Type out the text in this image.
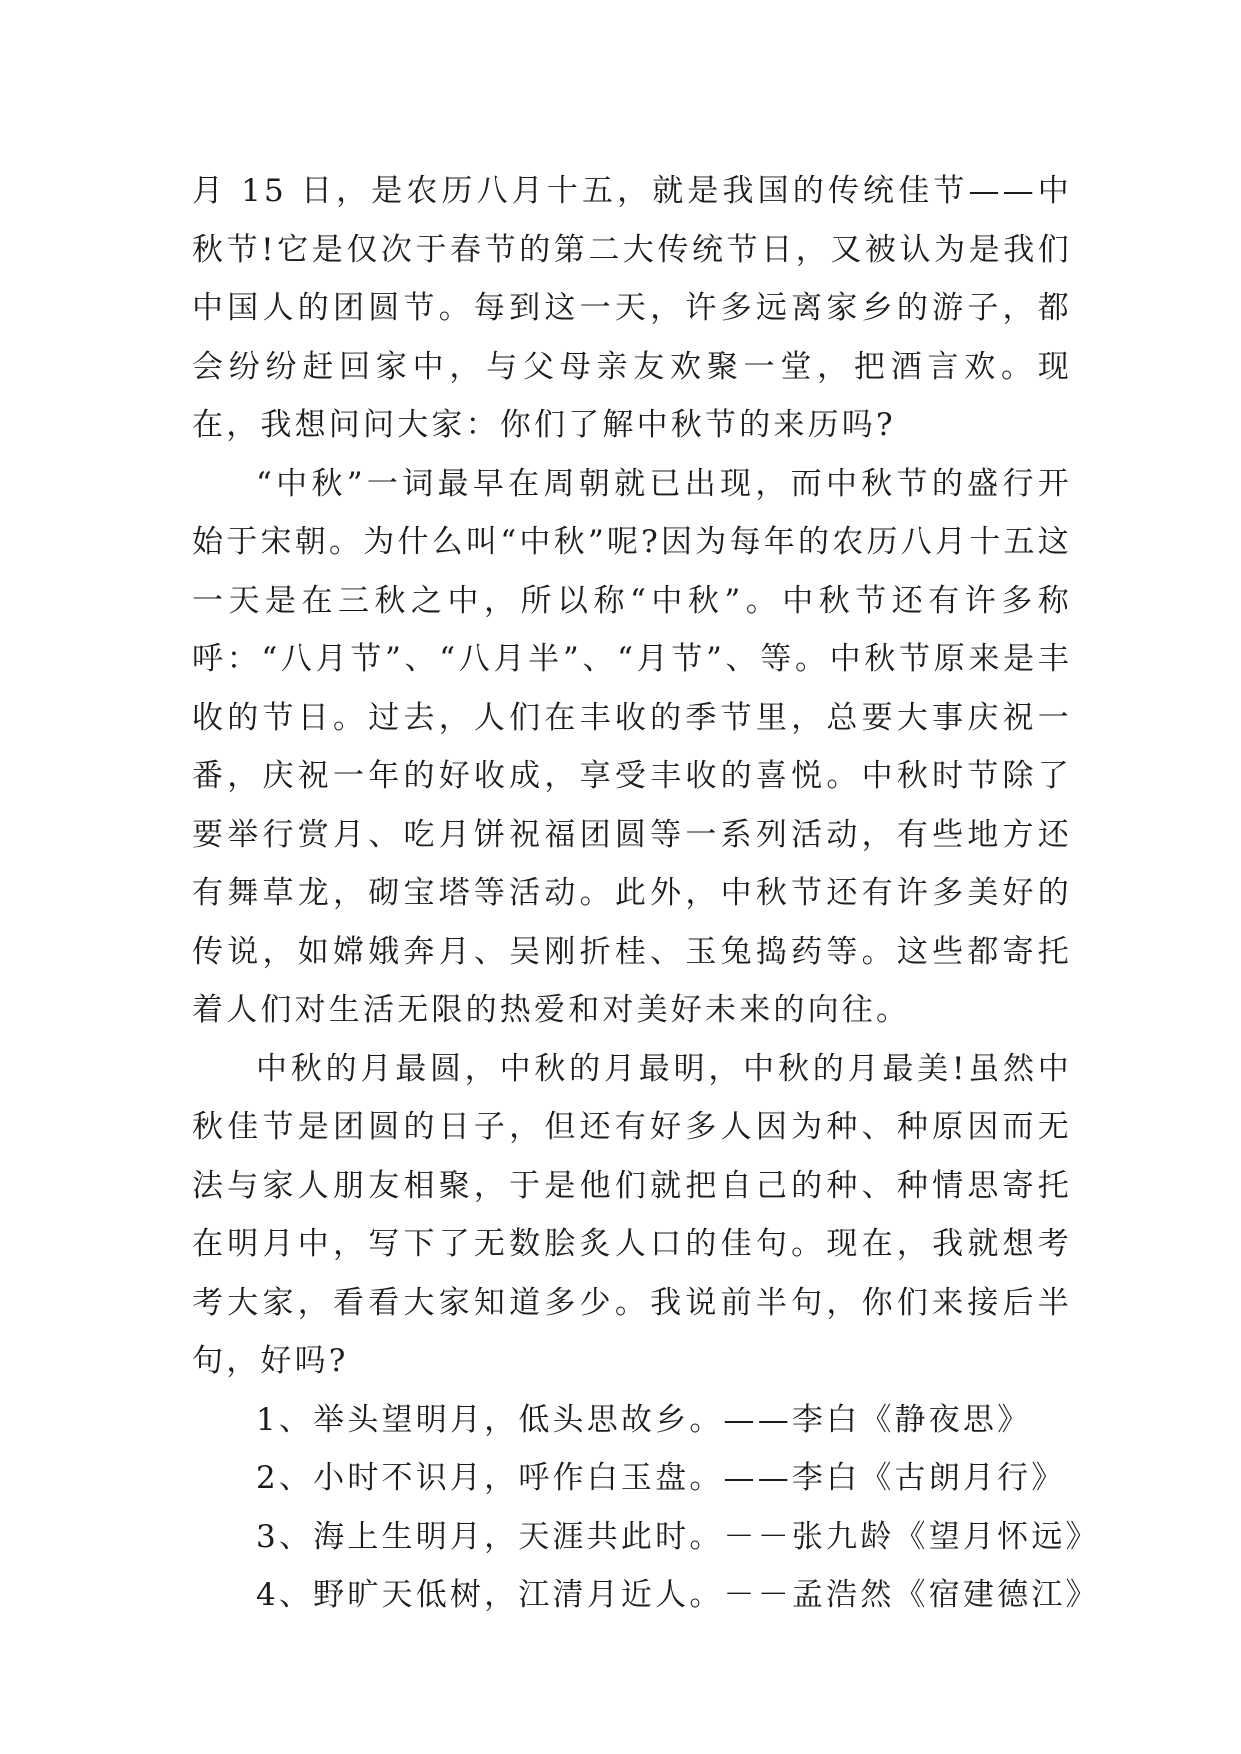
月 15 日，是农历八月十五，就是我国的传统佳节——中秋节!它是仅次于春节的第二大传统节日，又被认为是我们中国人的团圆节。每到这一天，许多远离家乡的游子，都会纷纷赶回家中，与父母亲友欢聚一堂，把酒言欢。现在，我想问问大家：你们了解中秋节的来历吗?

“中秋”一词最早在周朝就已出现，而中秋节的盛行开始于宋朝。为什么叫“中秋”呢?因为每年的农历八月十五这一天是在三秋之中，所以称“中秋”。中秋节还有许多称呼：“八月节”、“八月半”、“月节”、等。中秋节原来是丰收的节日。过去，人们在丰收的季节里，总要大事庆祝一番，庆祝一年的好收成，享受丰收的喜悦。中秋时节除了要举行赏月、吃月饼祝福团圆等一系列活动，有些地方还有舞草龙，砌宝塔等活动。此外，中秋节还有许多美好的传说，如嫦娥奔月、吴刚折桂、玉兔捣药等。这些都寄托着人们对生活无限的热爱和对美好未来的向往。

中秋的月最圆，中秋的月最明，中秋的月最美!虽然中秋佳节是团圆的日子，但还有好多人因为种、种原因而无法与家人朋友相聚，于是他们就把自己的种、种情思寄托在明月中，写下了无数脍炙人口的佳句。现在，我就想考考大家，看看大家知道多少。我说前半句，你们来接后半句，好吗?

1、举头望明月，低头思故乡。——李白《静夜思》

2、小时不识月，呼作白玉盘。——李白《古朗月行》

3、海上生明月，天涯共此时。－－张九龄《望月怀远》

4、野旷天低树，江清月近人。－－孟浩然《宿建德江》
